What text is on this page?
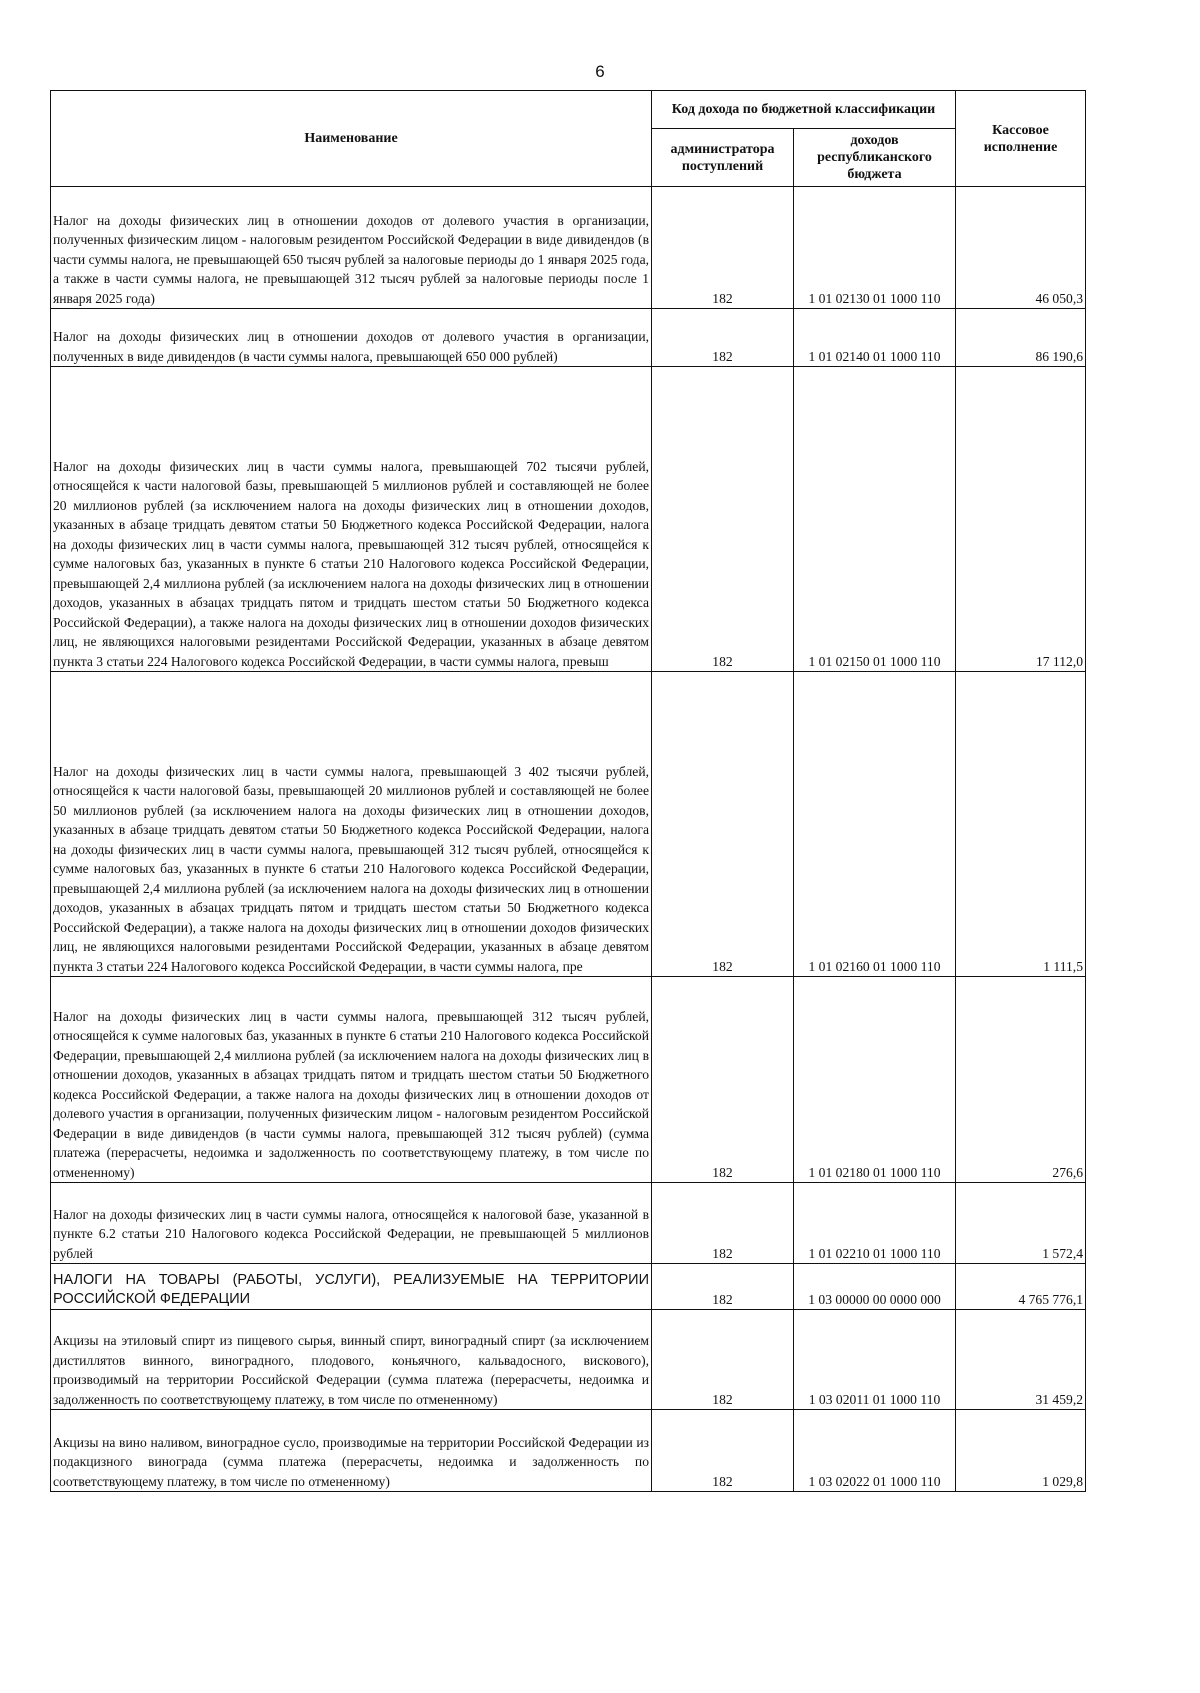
6
Наименование	Код дохода по бюджетной классификации		Кассовое исполнение
	администратора поступлений	доходов республиканского бюджета	
Налог на доходы физических лиц в отношении доходов от долевого участия в организации, полученных физическим лицом - налоговым резидентом Российской Федерации в виде дивидендов (в части суммы налога, не превышающей 650 тысяч рублей за налоговые периоды до 1 января 2025 года, а также в части суммы налога, не превышающей 312 тысяч рублей за налоговые периоды после 1 января 2025 года)	182	1 01 02130 01 1000 110	46 050,3
Налог на доходы физических лиц в отношении доходов от долевого участия в организации, полученных в виде дивидендов (в части суммы налога, превышающей 650 000 рублей)	182	1 01 02140 01 1000 110	86 190,6
Налог на доходы физических лиц в части суммы налога, превышающей 702 тысячи рублей, относящейся к части налоговой базы, превышающей 5 миллионов рублей и составляющей не более 20 миллионов рублей (за исключением налога на доходы физических лиц в отношении доходов, указанных в абзаце тридцать девятом статьи 50 Бюджетного кодекса Российской Федерации, налога на доходы физических лиц в части суммы налога, превышающей 312 тысяч рублей, относящейся к сумме налоговых баз, указанных в пункте 6 статьи 210 Налогового кодекса Российской Федерации, превышающей 2,4 миллиона рублей (за исключением налога на доходы физических лиц в отношении доходов, указанных в абзацах тридцать пятом и тридцать шестом статьи 50 Бюджетного кодекса Российской Федерации), а также налога на доходы физических лиц в отношении доходов физических лиц, не являющихся налоговыми резидентами Российской Федерации, указанных в абзаце девятом пункта 3 статьи 224 Налогового кодекса Российской Федерации, в части суммы налога, превыш	182	1 01 02150 01 1000 110	17 112,0
Налог на доходы физических лиц в части суммы налога, превышающей 3 402 тысячи рублей, относящейся к части налоговой базы, превышающей 20 миллионов рублей и составляющей не более 50 миллионов рублей (за исключением налога на доходы физических лиц в отношении доходов, указанных в абзаце тридцать девятом статьи 50 Бюджетного кодекса Российской Федерации, налога на доходы физических лиц в части суммы налога, превышающей 312 тысяч рублей, относящейся к сумме налоговых баз, указанных в пункте 6 статьи 210 Налогового кодекса Российской Федерации, превышающей 2,4 миллиона рублей (за исключением налога на доходы физических лиц в отношении доходов, указанных в абзацах тридцать пятом и тридцать шестом статьи 50 Бюджетного кодекса Российской Федерации), а также налога на доходы физических лиц в отношении доходов физических лиц, не являющихся налоговыми резидентами Российской Федерации, указанных в абзаце девятом пункта 3 статьи 224 Налогового кодекса Российской Федерации, в части суммы налога, пре	182	1 01 02160 01 1000 110	1 111,5
Налог на доходы физических лиц в части суммы налога, превышающей 312 тысяч рублей, относящейся к сумме налоговых баз, указанных в пункте 6 статьи 210 Налогового кодекса Российской Федерации, превышающей 2,4 миллиона рублей (за исключением налога на доходы физических лиц в отношении доходов, указанных в абзацах тридцать пятом и тридцать шестом статьи 50 Бюджетного кодекса Российской Федерации, а также налога на доходы физических лиц в отношении доходов от долевого участия в организации, полученных физическим лицом - налоговым резидентом Российской Федерации в виде дивидендов (в части суммы налога, превышающей 312 тысяч рублей) (сумма платежа (перерасчеты, недоимка и задолженность по соответствующему платежу, в том числе по отмененному)	182	1 01 02180 01 1000 110	276,6
Налог на доходы физических лиц в части суммы налога, относящейся к налоговой базе, указанной в пункте 6.2 статьи 210 Налогового кодекса Российской Федерации, не превышающей 5 миллионов рублей	182	1 01 02210 01 1000 110	1 572,4
НАЛОГИ НА ТОВАРЫ (РАБОТЫ, УСЛУГИ), РЕАЛИЗУЕМЫЕ НА ТЕРРИТОРИИ РОССИЙСКОЙ ФЕДЕРАЦИИ	182	1 03 00000 00 0000 000	4 765 776,1
Акцизы на этиловый спирт из пищевого сырья, винный спирт, виноградный спирт (за исключением дистиллятов винного, виноградного, плодового, коньячного, кальвадосного, вискового), производимый на территории Российской Федерации (сумма платежа (перерасчеты, недоимка и задолженность по соответствующему платежу, в том числе по отмененному)	182	1 03 02011 01 1000 110	31 459,2
Акцизы на вино наливом, виноградное сусло, производимые на территории Российской Федерации из подакцизного винограда (сумма платежа (перерасчеты, недоимка и задолженность по соответствующему платежу, в том числе по отмененному)	182	1 03 02022 01 1000 110	1 029,8
